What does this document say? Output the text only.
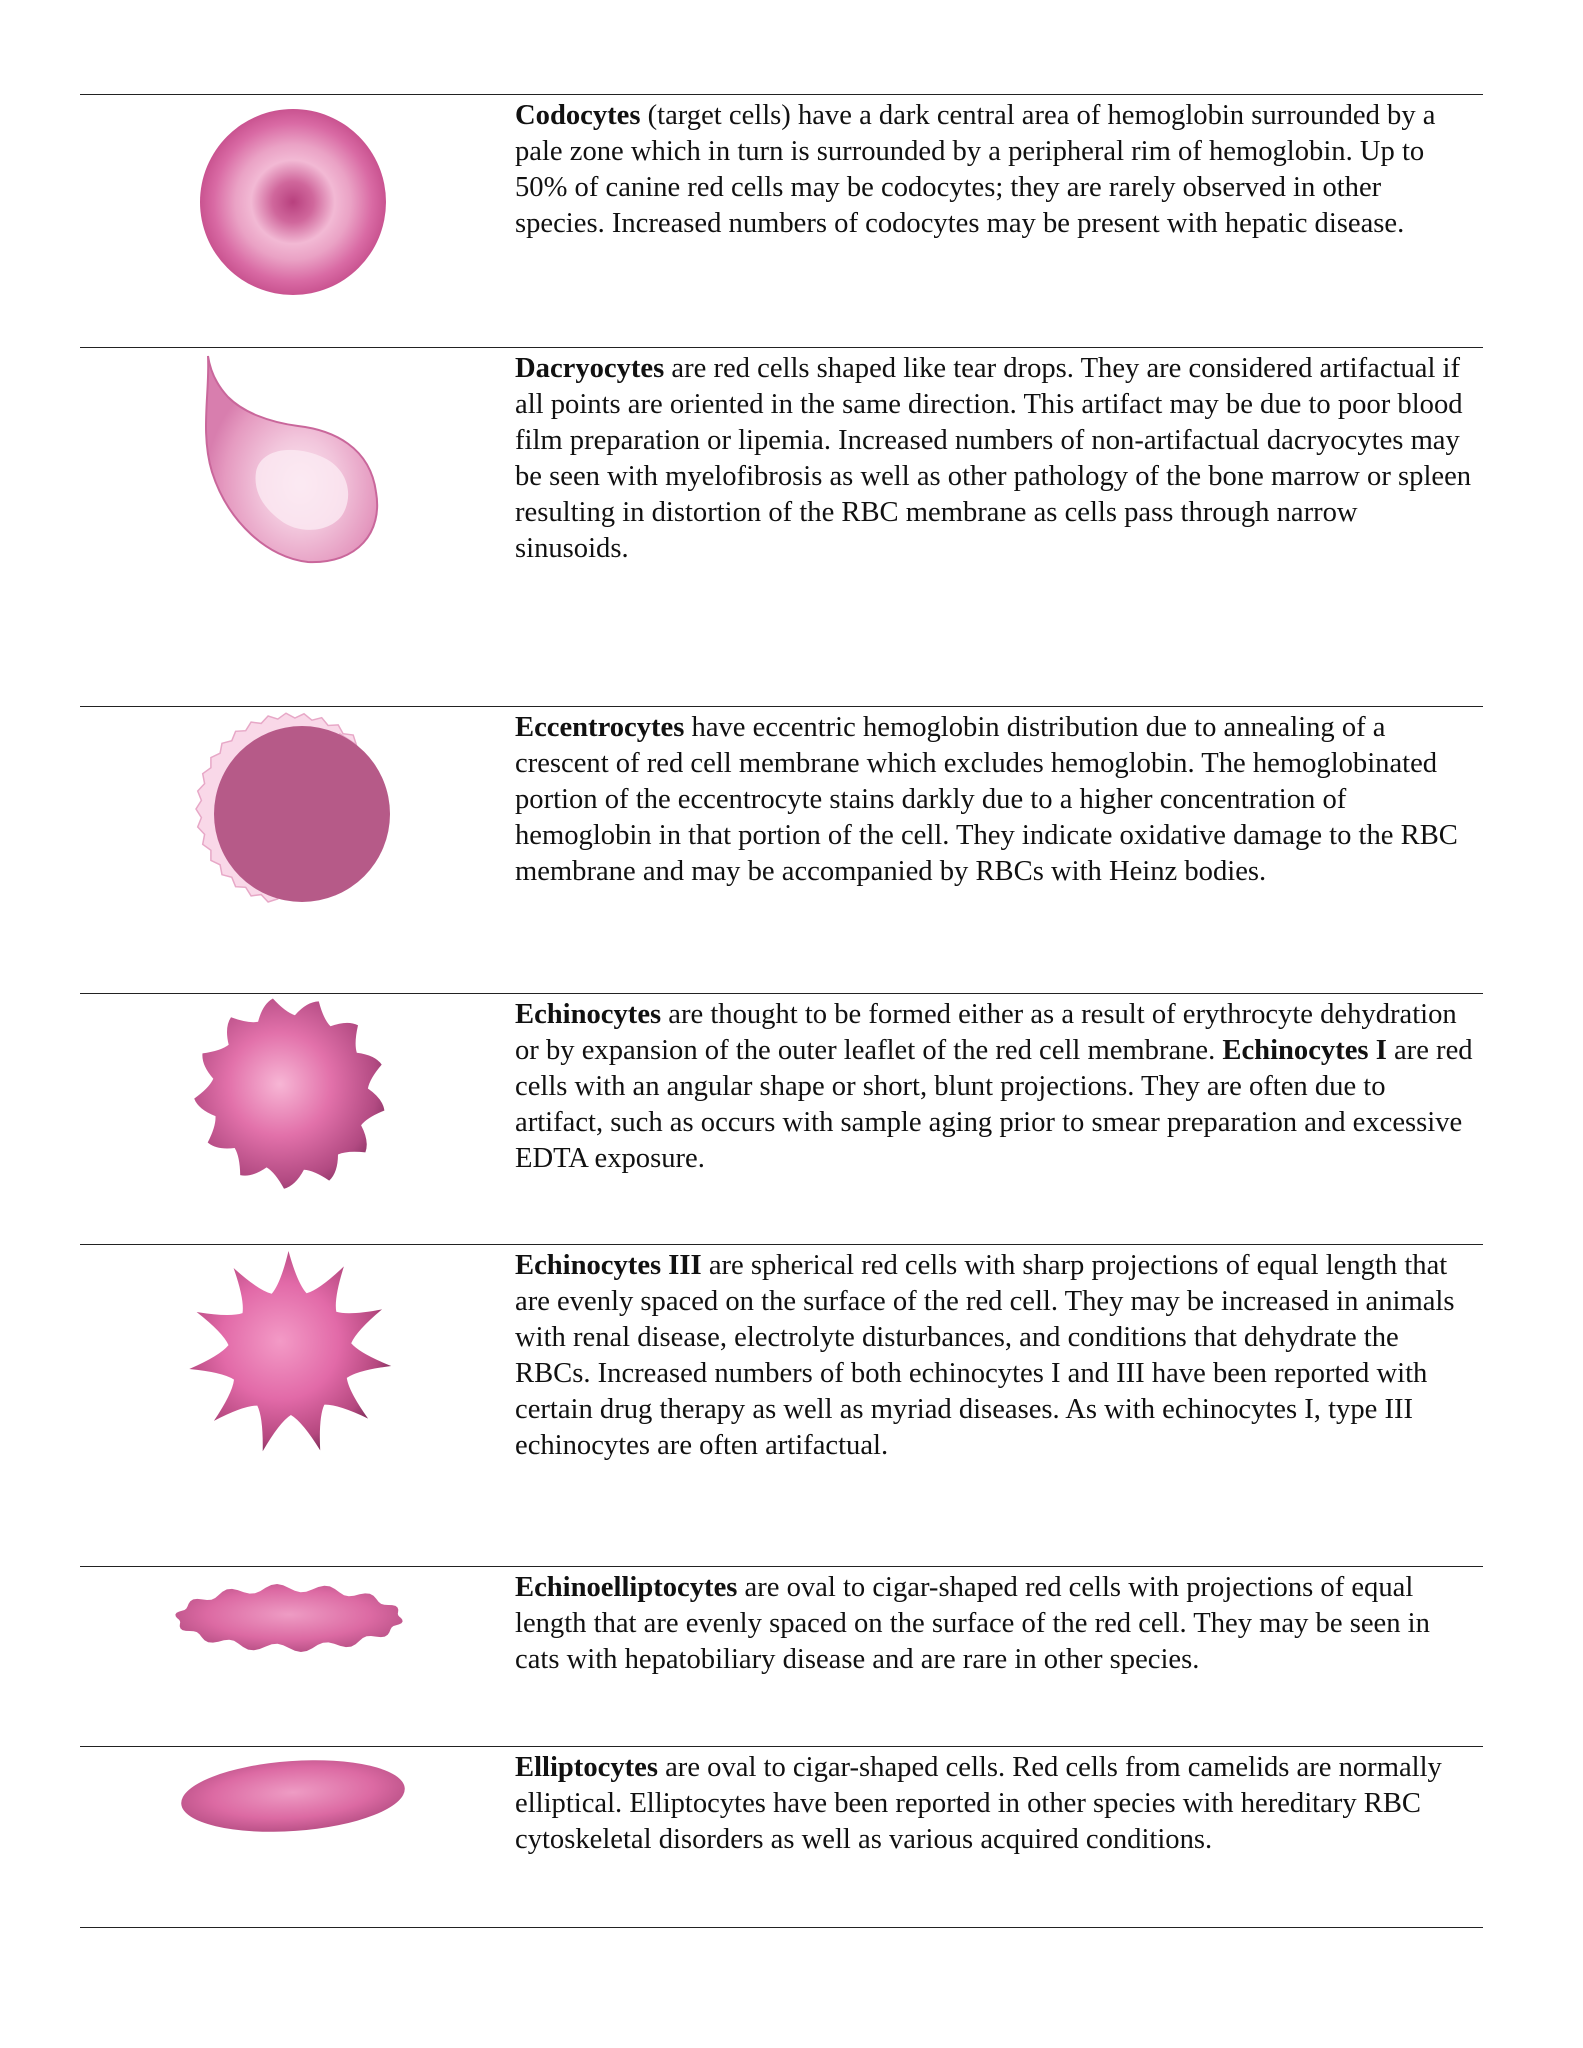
Codocytes (target cells) have a dark central area of hemoglobin surrounded by a pale zone which in turn is surrounded by a peripheral rim of hemoglobin. Up to 50% of canine red cells may be codocytes; they are rarely observed in other species. Increased numbers of codocytes may be present with hepatic disease.

Dacryocytes are red cells shaped like tear drops. They are considered artifactual if all points are oriented in the same direction. This artifact may be due to poor blood film preparation or lipemia. Increased numbers of non-artifactual dacryocytes may be seen with myelofibrosis as well as other pathology of the bone marrow or spleen resulting in distortion of the RBC membrane as cells pass through narrow sinusoids.

Eccentrocytes have eccentric hemoglobin distribution due to annealing of a crescent of red cell membrane which excludes hemoglobin. The hemoglobinated portion of the eccentrocyte stains darkly due to a higher concentration of hemoglobin in that portion of the cell. They indicate oxidative damage to the RBC membrane and may be accompanied by RBCs with Heinz bodies.

Echinocytes are thought to be formed either as a result of erythrocyte dehydration or by expansion of the outer leaflet of the red cell membrane. Echinocytes I are red cells with an angular shape or short, blunt projections. They are often due to artifact, such as occurs with sample aging prior to smear preparation and excessive EDTA exposure.

Echinocytes III are spherical red cells with sharp projections of equal length that are evenly spaced on the surface of the red cell. They may be increased in animals with renal disease, electrolyte disturbances, and conditions that dehydrate the RBCs. Increased numbers of both echinocytes I and III have been reported with certain drug therapy as well as myriad diseases. As with echinocytes I, type III echinocytes are often artifactual.

Echinoelliptocytes are oval to cigar-shaped red cells with projections of equal length that are evenly spaced on the surface of the red cell. They may be seen in cats with hepatobiliary disease and are rare in other species.

Elliptocytes are oval to cigar-shaped cells. Red cells from camelids are normally elliptical. Elliptocytes have been reported in other species with hereditary RBC cytoskeletal disorders as well as various acquired conditions.
